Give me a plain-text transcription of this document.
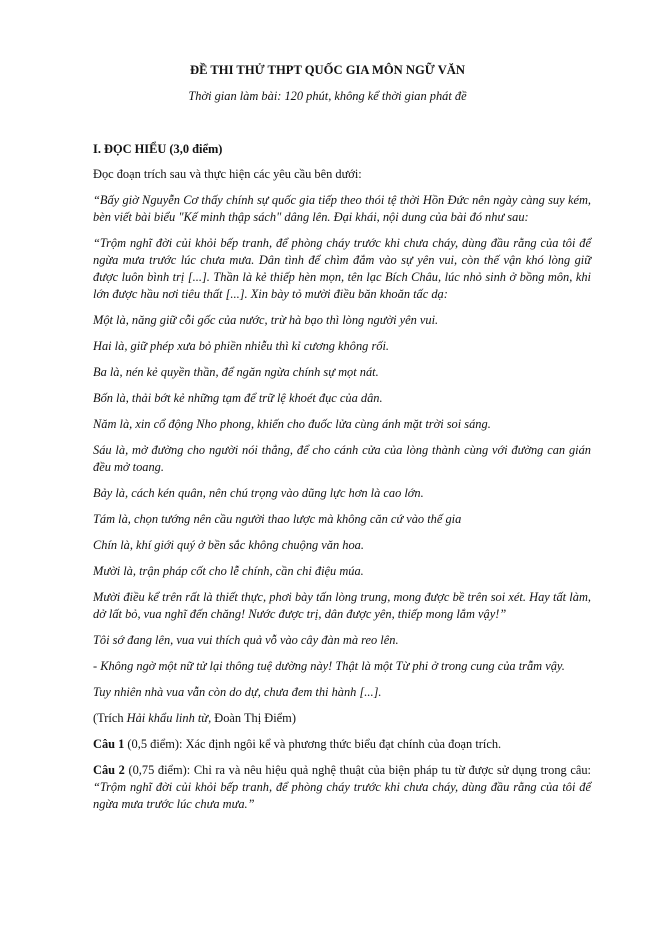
ĐỀ THI THỬ THPT QUỐC GIA MÔN NGỮ VĂN
Thời gian làm bài: 120 phút, không kể thời gian phát đề
I. ĐỌC HIỂU (3,0 điểm)
Đọc đoạn trích sau và thực hiện các yêu cầu bên dưới:
“Bấy giờ Nguyễn Cơ thấy chính sự quốc gia tiếp theo thói tệ thời Hồn Đức nên ngày càng suy kém, bèn viết bài biểu "Kế minh thập sách" dâng lên. Đại khái, nội dung của bài đó như sau:
“Trộm nghĩ đời củi khỏi bếp tranh, để phòng cháy trước khi chưa cháy, dùng đầu rằng của tôi để ngừa mưa trước lúc chưa mưa. Dân tình để chìm đắm vào sự yên vui, còn thế vận khó lòng giữ được luôn bình trị [...]. Thần là kẻ thiếp hèn mọn, tên lạc Bích Châu, lúc nhỏ sinh ở bồng môn, khi lớn được hầu nơi tiêu thất [...]. Xin bày tỏ mười điều băn khoăn tấc dạ:
Một là, năng giữ cỗi gốc của nước, trừ hà bạo thì lòng người yên vui.
Hai là, giữ phép xưa bỏ phiền nhiễu thì kỉ cương không rối.
Ba là, nén kẻ quyền thần, để ngăn ngừa chính sự mọt nát.
Bốn là, thải bớt kẻ những tạm để trữ lệ khoét đục của dân.
Năm là, xin cổ động Nho phong, khiến cho đuốc lửa cùng ánh mặt trời soi sáng.
Sáu là, mở đường cho người nói thẳng, để cho cánh cửa của lòng thành cùng với đường can gián đều mở toang.
Bảy là, cách kén quân, nên chú trọng vào dũng lực hơn là cao lớn.
Tám là, chọn tướng nên cầu người thao lược mà không căn cứ vào thế gia
Chín là, khí giới quý ở bền sắc không chuộng văn hoa.
Mười là, trận pháp cốt cho lễ chính, cần chi điệu múa.
Mười điều kể trên rất là thiết thực, phơi bày tấn lòng trung, mong được bề trên soi xét. Hay tất làm, dở lất bỏ, vua nghĩ đến chăng! Nước được trị, dân được yên, thiếp mong lắm vậy!”
Tôi sớ đang lên, vua vui thích quả vỗ vào cây đàn mà reo lên.
- Không ngờ một nữ tử lại thông tuệ dường này! Thật là một Từ phi ở trong cung của trẫm vậy.
Tuy nhiên nhà vua vẫn còn do dự, chưa đem thi hành [...].
(Trích Hải khẩu linh từ, Đoàn Thị Điểm)
Câu 1 (0,5 điểm): Xác định ngôi kể và phương thức biểu đạt chính của đoạn trích.
Câu 2 (0,75 điểm): Chỉ ra và nêu hiệu quả nghệ thuật của biện pháp tu từ được sử dụng trong câu: “Trộm nghĩ đời củi khỏi bếp tranh, để phòng cháy trước khi chưa cháy, dùng đầu rằng của tôi để ngừa mưa trước lúc chưa mưa.”
